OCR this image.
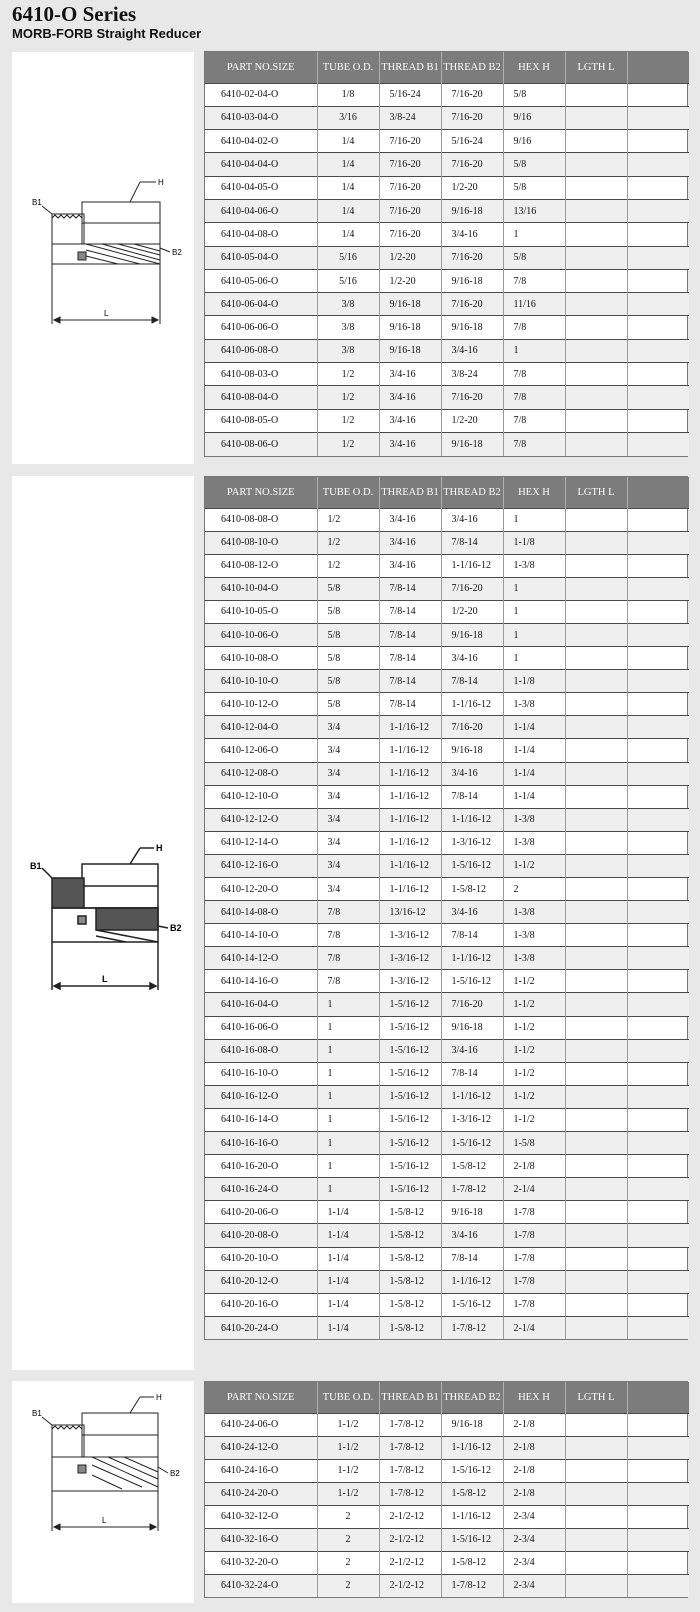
6410-O Series
MORB-FORB Straight Reducer
H
B1
B2
L
PART NO.SIZE	TUBE O.D.	THREAD B1	THREAD B2	HEX H	LGTH L	
6410-02-04-O	1/8	5/16-24	7/16-20	5/8		
6410-03-04-O	3/16	3/8-24	7/16-20	9/16		
6410-04-02-O	1/4	7/16-20	5/16-24	9/16		
6410-04-04-O	1/4	7/16-20	7/16-20	5/8		
6410-04-05-O	1/4	7/16-20	1/2-20	5/8		
6410-04-06-O	1/4	7/16-20	9/16-18	13/16		
6410-04-08-O	1/4	7/16-20	3/4-16	1		
6410-05-04-O	5/16	1/2-20	7/16-20	5/8		
6410-05-06-O	5/16	1/2-20	9/16-18	7/8		
6410-06-04-O	3/8	9/16-18	7/16-20	11/16		
6410-06-06-O	3/8	9/16-18	9/16-18	7/8		
6410-06-08-O	3/8	9/16-18	3/4-16	1		
6410-08-03-O	1/2	3/4-16	3/8-24	7/8		
6410-08-04-O	1/2	3/4-16	7/16-20	7/8		
6410-08-05-O	1/2	3/4-16	1/2-20	7/8		
6410-08-06-O	1/2	3/4-16	9/16-18	7/8		
H
B1
B2
L
PART NO.SIZE	TUBE O.D.	THREAD B1	THREAD B2	HEX H	LGTH L	
6410-08-08-O	1/2	3/4-16	3/4-16	1		
6410-08-10-O	1/2	3/4-16	7/8-14	1-1/8		
6410-08-12-O	1/2	3/4-16	1-1/16-12	1-3/8		
6410-10-04-O	5/8	7/8-14	7/16-20	1		
6410-10-05-O	5/8	7/8-14	1/2-20	1		
6410-10-06-O	5/8	7/8-14	9/16-18	1		
6410-10-08-O	5/8	7/8-14	3/4-16	1		
6410-10-10-O	5/8	7/8-14	7/8-14	1-1/8		
6410-10-12-O	5/8	7/8-14	1-1/16-12	1-3/8		
6410-12-04-O	3/4	1-1/16-12	7/16-20	1-1/4		
6410-12-06-O	3/4	1-1/16-12	9/16-18	1-1/4		
6410-12-08-O	3/4	1-1/16-12	3/4-16	1-1/4		
6410-12-10-O	3/4	1-1/16-12	7/8-14	1-1/4		
6410-12-12-O	3/4	1-1/16-12	1-1/16-12	1-3/8		
6410-12-14-O	3/4	1-1/16-12	1-3/16-12	1-3/8		
6410-12-16-O	3/4	1-1/16-12	1-5/16-12	1-1/2		
6410-12-20-O	3/4	1-1/16-12	1-5/8-12	2		
6410-14-08-O	7/8	13/16-12	3/4-16	1-3/8		
6410-14-10-O	7/8	1-3/16-12	7/8-14	1-3/8		
6410-14-12-O	7/8	1-3/16-12	1-1/16-12	1-3/8		
6410-14-16-O	7/8	1-3/16-12	1-5/16-12	1-1/2		
6410-16-04-O	1	1-5/16-12	7/16-20	1-1/2		
6410-16-06-O	1	1-5/16-12	9/16-18	1-1/2		
6410-16-08-O	1	1-5/16-12	3/4-16	1-1/2		
6410-16-10-O	1	1-5/16-12	7/8-14	1-1/2		
6410-16-12-O	1	1-5/16-12	1-1/16-12	1-1/2		
6410-16-14-O	1	1-5/16-12	1-3/16-12	1-1/2		
6410-16-16-O	1	1-5/16-12	1-5/16-12	1-5/8		
6410-16-20-O	1	1-5/16-12	1-5/8-12	2-1/8		
6410-16-24-O	1	1-5/16-12	1-7/8-12	2-1/4		
6410-20-06-O	1-1/4	1-5/8-12	9/16-18	1-7/8		
6410-20-08-O	1-1/4	1-5/8-12	3/4-16	1-7/8		
6410-20-10-O	1-1/4	1-5/8-12	7/8-14	1-7/8		
6410-20-12-O	1-1/4	1-5/8-12	1-1/16-12	1-7/8		
6410-20-16-O	1-1/4	1-5/8-12	1-5/16-12	1-7/8		
6410-20-24-O	1-1/4	1-5/8-12	1-7/8-12	2-1/4		
H
B1
B2
L
PART NO.SIZE	TUBE O.D.	THREAD B1	THREAD B2	HEX H	LGTH L	
6410-24-06-O	1-1/2	1-7/8-12	9/16-18	2-1/8		
6410-24-12-O	1-1/2	1-7/8-12	1-1/16-12	2-1/8		
6410-24-16-O	1-1/2	1-7/8-12	1-5/16-12	2-1/8		
6410-24-20-O	1-1/2	1-7/8-12	1-5/8-12	2-1/8		
6410-32-12-O	2	2-1/2-12	1-1/16-12	2-3/4		
6410-32-16-O	2	2-1/2-12	1-5/16-12	2-3/4		
6410-32-20-O	2	2-1/2-12	1-5/8-12	2-3/4		
6410-32-24-O	2	2-1/2-12	1-7/8-12	2-3/4		
